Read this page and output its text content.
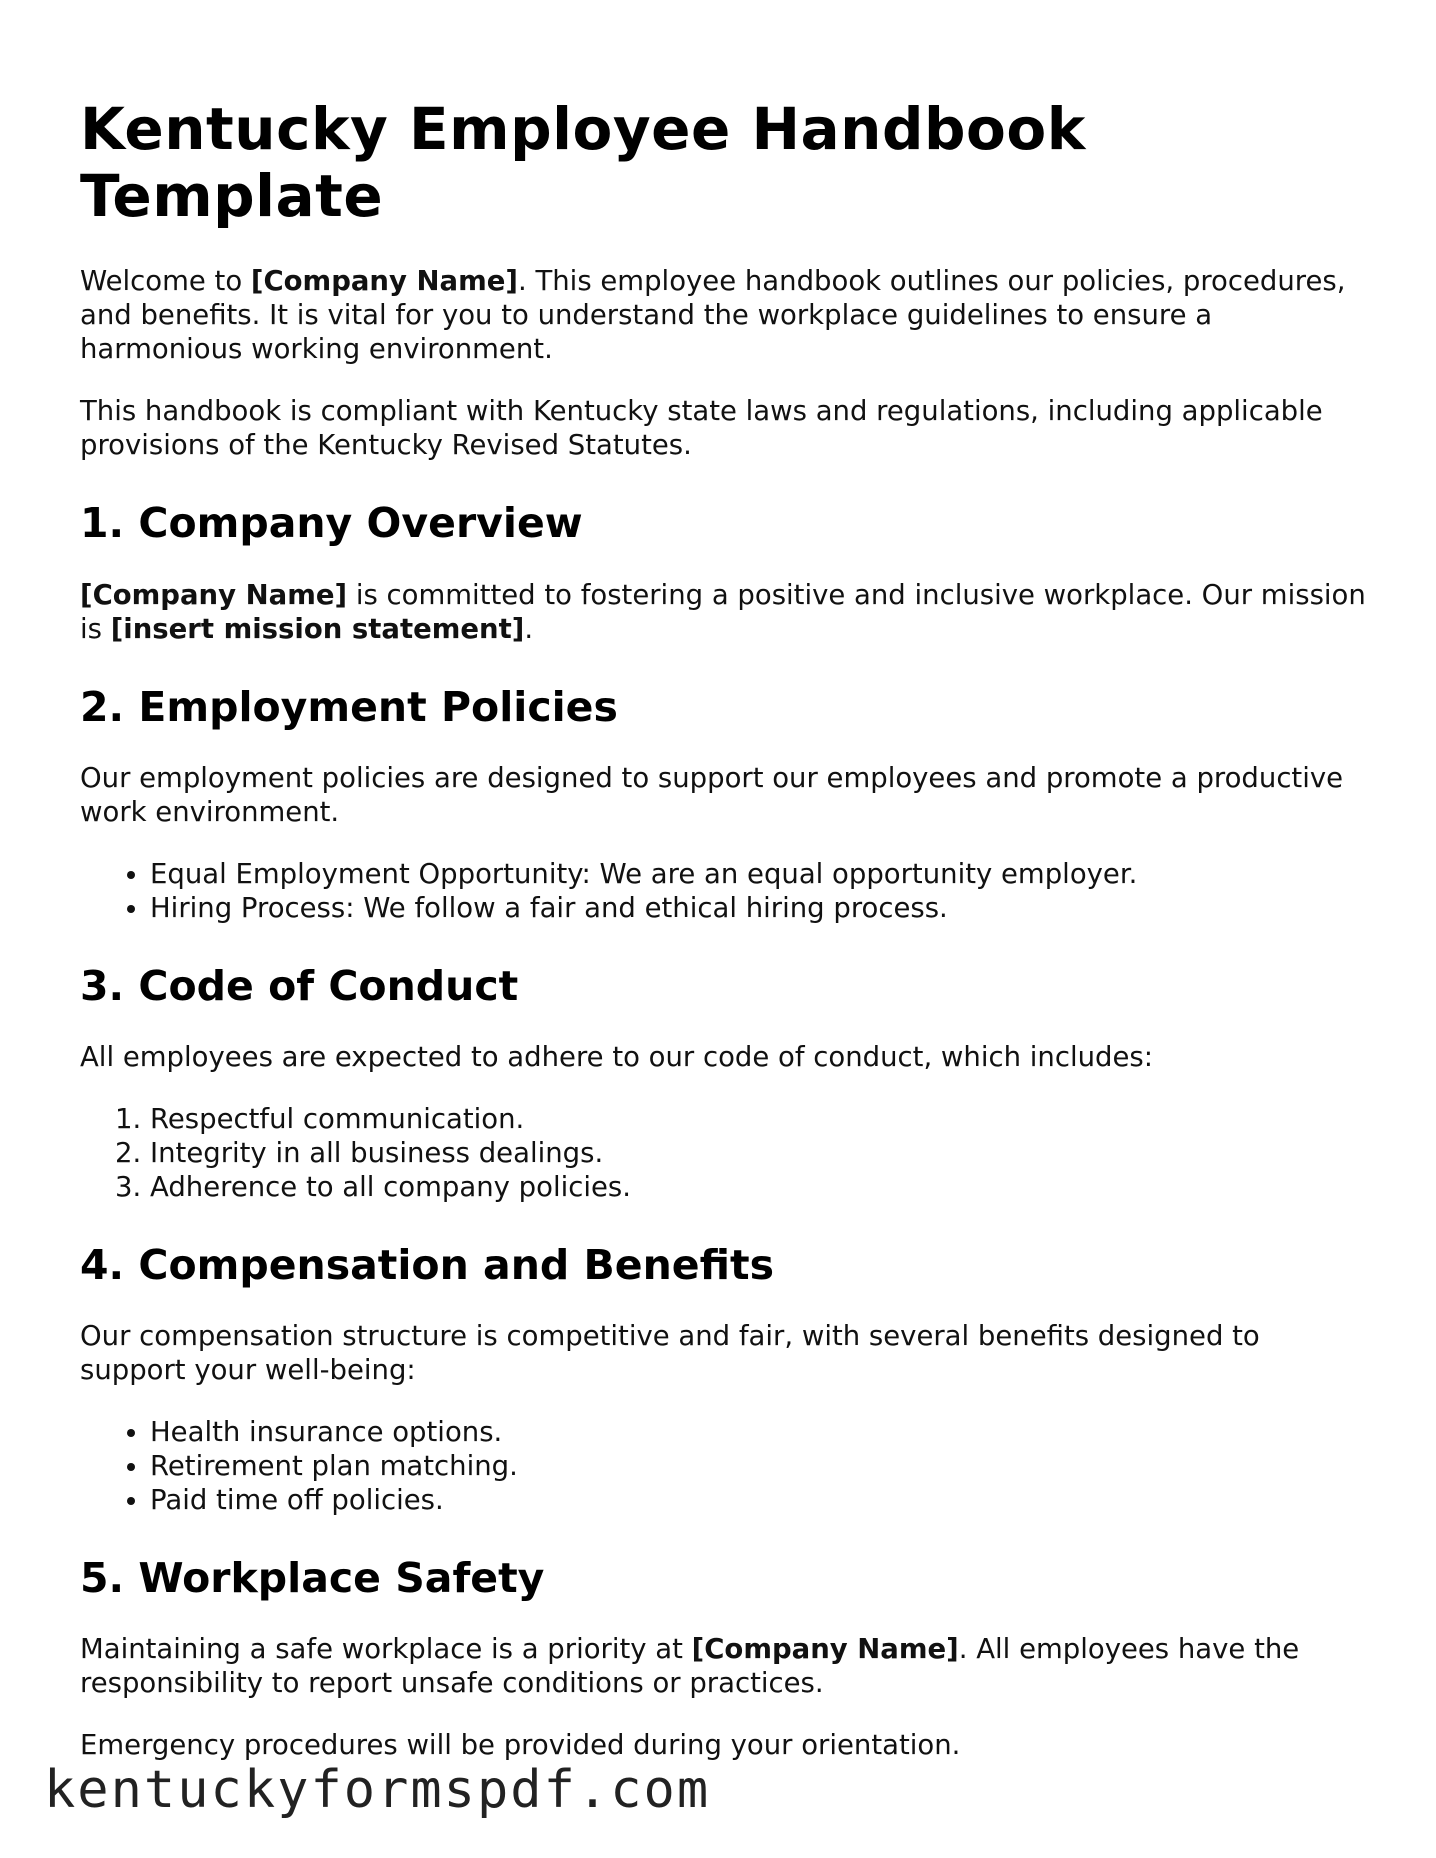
Kentucky Employee Handbook Template

Welcome to [Company Name]. This employee handbook outlines our policies, procedures, and benefits. It is vital for you to understand the workplace guidelines to ensure a harmonious working environment.

This handbook is compliant with Kentucky state laws and regulations, including applicable provisions of the Kentucky Revised Statutes.

1. Company Overview

[Company Name] is committed to fostering a positive and inclusive workplace. Our mission is [insert mission statement].

2. Employment Policies

Our employment policies are designed to support our employees and promote a productive work environment.

• Equal Employment Opportunity: We are an equal opportunity employer.
• Hiring Process: We follow a fair and ethical hiring process.
3. Code of Conduct

All employees are expected to adhere to our code of conduct, which includes:

1. Respectful communication.
2. Integrity in all business dealings.
3. Adherence to all company policies.
4. Compensation and Benefits

Our compensation structure is competitive and fair, with several benefits designed to support your well-being:

• Health insurance options.
• Retirement plan matching.
• Paid time off policies.
5. Workplace Safety

Maintaining a safe workplace is a priority at [Company Name]. All employees have the responsibility to report unsafe conditions or practices.

Emergency procedures will be provided during your orientation.

kentuckyformspdf.com
